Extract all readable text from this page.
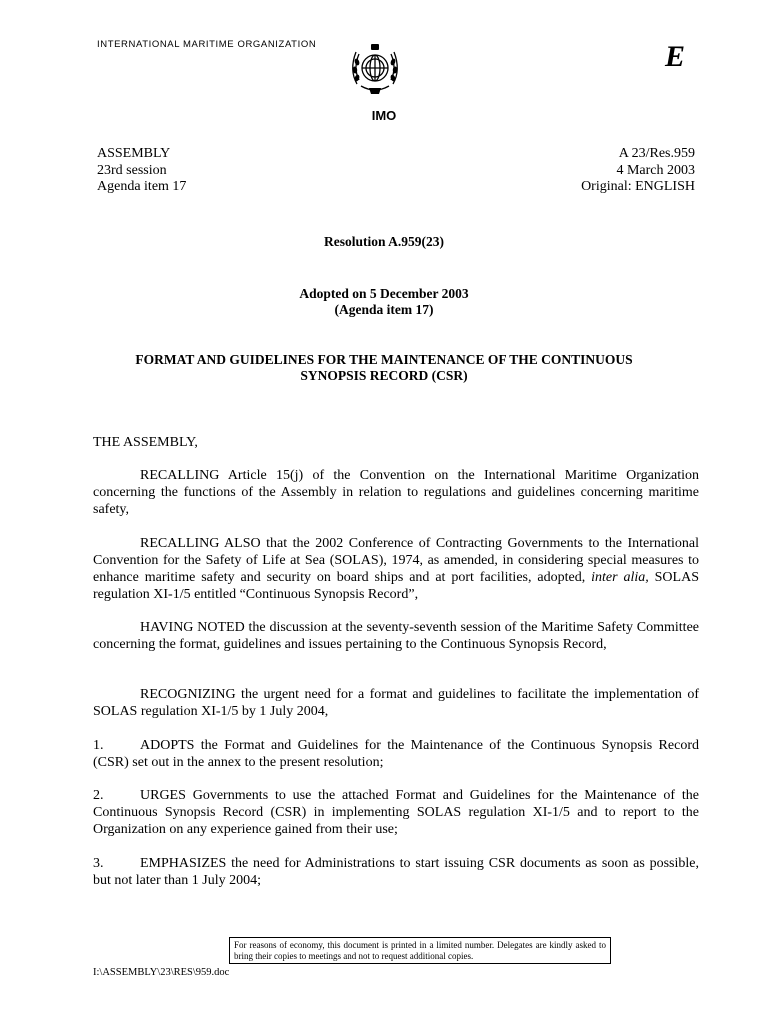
INTERNATIONAL MARITIME ORGANIZATION
IMO
E
ASSEMBLY
23rd session
Agenda item 17
A 23/Res.959
4 March 2003
Original: ENGLISH
Resolution A.959(23)
Adopted on 5 December 2003
(Agenda item 17)
FORMAT AND GUIDELINES FOR THE MAINTENANCE OF THE CONTINUOUS
SYNOPSIS RECORD (CSR)

THE ASSEMBLY,

RECALLING Article 15(j) of the Convention on the International Maritime Organization concerning the functions of the Assembly in relation to regulations and guidelines concerning maritime safety,

RECALLING ALSO that the 2002 Conference of Contracting Governments to the International Convention for the Safety of Life at Sea (SOLAS), 1974, as amended, in considering special measures to enhance maritime safety and security on board ships and at port facilities, adopted, inter alia, SOLAS regulation XI-1/5 entitled “Continuous Synopsis Record”,

HAVING NOTED the discussion at the seventy-seventh session of the Maritime Safety Committee concerning the format, guidelines and issues pertaining to the Continuous Synopsis Record,

RECOGNIZING the urgent need for a format and guidelines to facilitate the implementation of SOLAS regulation XI-1/5 by 1 July 2004,

1.	ADOPTS the Format and Guidelines for the Maintenance of the Continuous Synopsis Record (CSR) set out in the annex to the present resolution;

2.	URGES Governments to use the attached Format and Guidelines for the Maintenance of the Continuous Synopsis Record (CSR) in implementing SOLAS regulation XI-1/5 and to report to the Organization on any experience gained from their use;

3.	EMPHASIZES the need for Administrations to start issuing CSR documents as soon as possible, but not later than 1 July 2004;

For reasons of economy, this document is printed in a limited number. Delegates are kindly asked to bring their copies to meetings and not to request additional copies.
I:\ASSEMBLY\23\RES\959.doc
